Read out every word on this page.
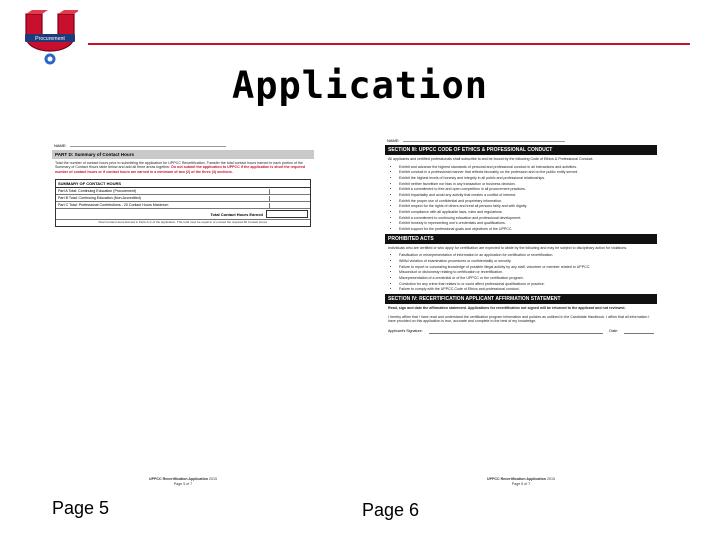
Procurement
Application
NAME:
PART D: Summary of Contact Hours
Total the number of contact hours prior to submitting the application for UPPCC Recertification. Transfer the total contact hours earned in each portion of the Summary of Contact Hours table below and add all three areas together. Do not submit the application to UPPCC if the application is short the required number of contact hours or if contact hours are earned in a minimum of two (2) of the three (3) sections.
SUMMARY OF CONTACT HOURS
Part A Total: Continuing Education (Procurement)
Part B Total: Continuing Education (Non-Accredited)
Part C Total: Professional Contributions - 20 Contact Hours Maximum
Total Contact Hours Earned
Total Contact Hours Earned in Parts A-C of the application. This total must be equal to or exceed the required 60 Contact Hours.
UPPCC Recertification Application 2015
Page 5 of 7
NAME:
SECTION III: UPPCC CODE OF ETHICS & PROFESSIONAL CONDUCT
All applicants and certified professionals shall subscribe to and be bound by the following Code of Ethics & Professional Conduct.
• Exhibit and advance the highest standards of personal and professional conduct in all interactions and activities.
• Exhibit conduct in a professional manner that reflects favorably on the profession and on the public entity served.
• Exhibit the highest levels of honesty and integrity in all public and professional relationships.
• Exhibit neither favoritism nor bias in any transaction or business decision.
• Exhibit a commitment to free and open competition in all procurement practices.
• Exhibit impartiality and avoid any activity that creates a conflict of interest.
• Exhibit the proper use of confidential and proprietary information.
• Exhibit respect for the rights of others and treat all persons fairly and with dignity.
• Exhibit compliance with all applicable laws, rules and regulations.
• Exhibit a commitment to continuing education and professional development.
• Exhibit honesty in representing one's credentials and qualifications.
• Exhibit support for the professional goals and objectives of the UPPCC.
PROHIBITED ACTS
Individuals who are certified or who apply for certification are expected to abide by the following and may be subject to disciplinary action for violations.
• Falsification or misrepresentation of information in an application for certification or recertification.
• Willful violation of examination procedures or confidentiality or security.
• Failure to report or concealing knowledge of possible illegal activity by any staff, volunteer or member related to UPPCC.
• Misconduct or dishonesty relating to certification or recertification.
• Misrepresentation of a credential or of the UPPCC or the certification program.
• Conviction for any crime that relates to or could affect professional qualifications or practice.
• Failure to comply with the UPPCC Code of Ethics and professional conduct.
SECTION IV: RECERTIFICATION APPLICANT AFFIRMATION STATEMENT
Read, sign and date the affirmation statement. Applications for recertification not signed will be returned to the applicant and not reviewed.
I hereby affirm that I have read and understand the certification program information and policies as outlined in the Candidate Handbook. I affirm that all information I have provided on this application is true, accurate and complete to the best of my knowledge.
Applicant's Signature:	Date:
UPPCC Recertification Application 2015
Page 6 of 7
Page 5	Page 6
